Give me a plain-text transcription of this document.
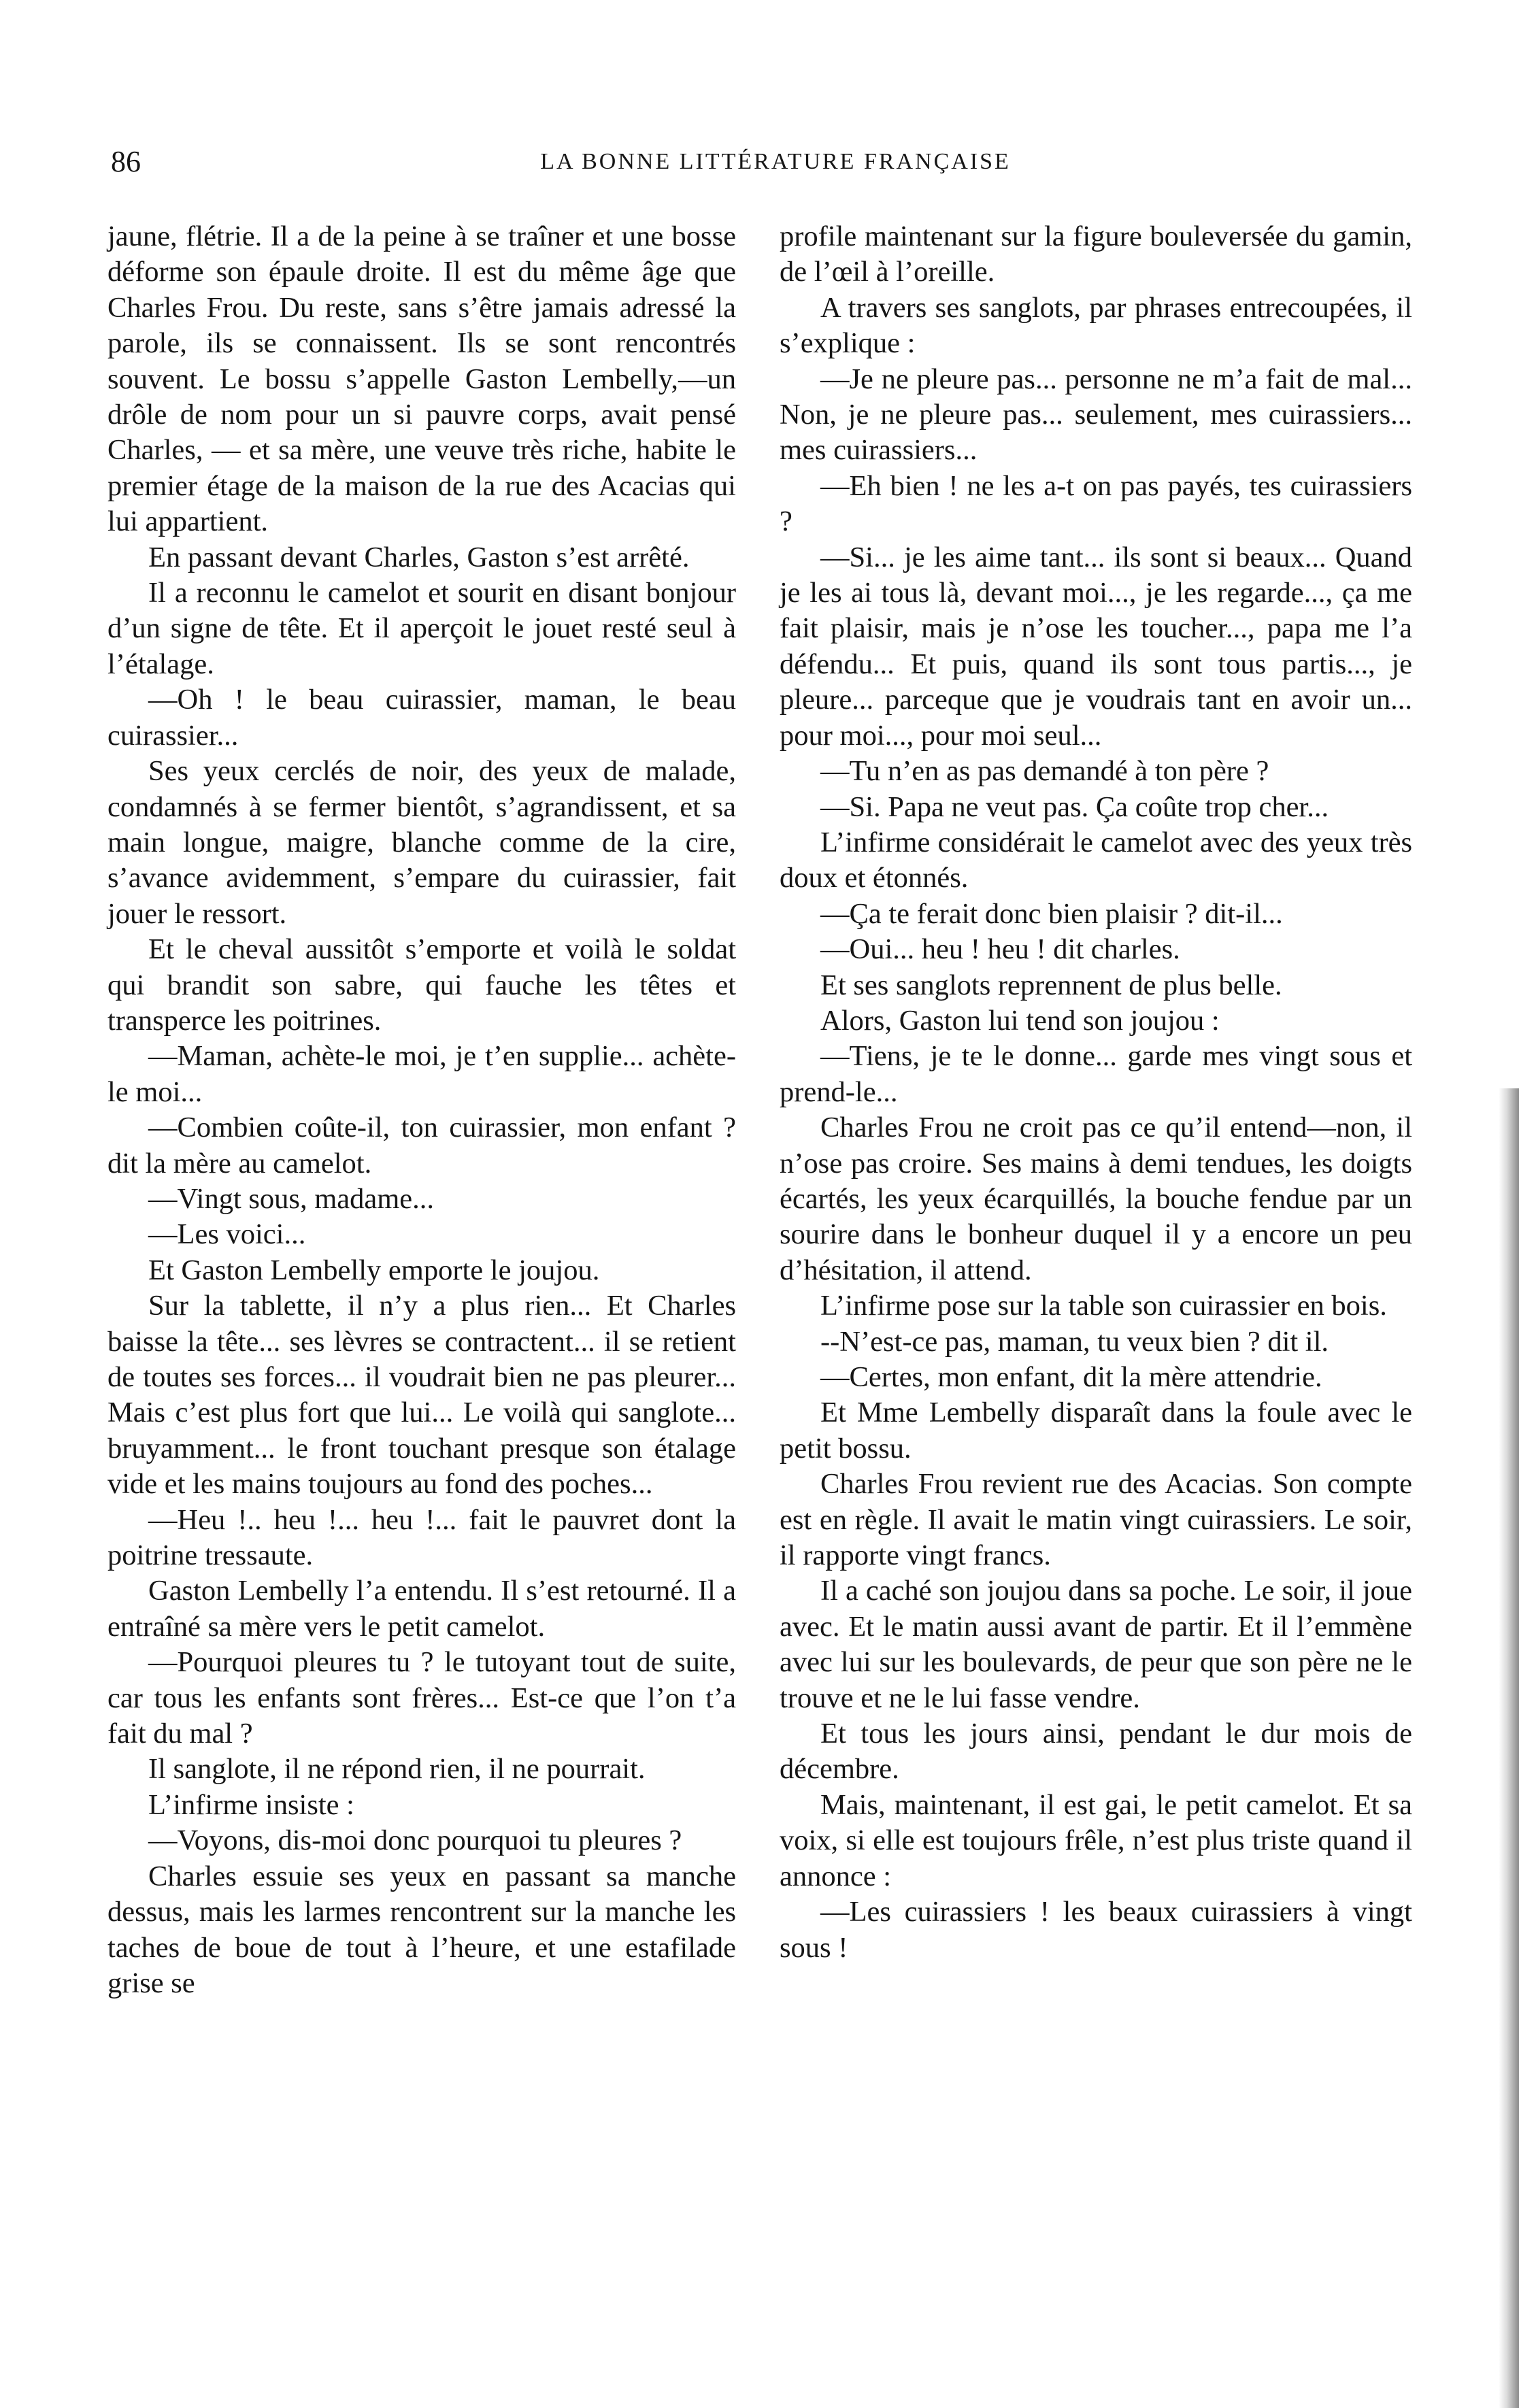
86	LA BONNE LITTÉRATURE FRANÇAISE

jaune, flétrie. Il a de la peine à se traîner et une bosse déforme son épaule droite. Il est du même âge que Charles Frou. Du reste, sans s’être jamais adressé la parole, ils se connaissent. Ils se sont rencontrés souvent. Le bossu s’appelle Gaston Lembelly,—un drôle de nom pour un si pauvre corps, avait pensé Charles, — et sa mère, une veuve très riche, habite le premier étage de la maison de la rue des Acacias qui lui appartient.

En passant devant Charles, Gaston s’est arrêté.

Il a reconnu le camelot et sourit en disant bonjour d’un signe de tête. Et il aperçoit le jouet resté seul à l’étalage.

—Oh ! le beau cuirassier, maman, le beau cuirassier...

Ses yeux cerclés de noir, des yeux de malade, condamnés à se fermer bientôt, s’agrandissent, et sa main longue, maigre, blanche comme de la cire, s’avance avidemment, s’empare du cuirassier, fait jouer le ressort.

Et le cheval aussitôt s’emporte et voilà le soldat qui brandit son sabre, qui fauche les têtes et transperce les poitrines.

—Maman, achète-le moi, je t’en supplie... achète-le moi...

—Combien coûte-il, ton cuirassier, mon enfant ? dit la mère au camelot.

—Vingt sous, madame...

—Les voici...

Et Gaston Lembelly emporte le joujou.

Sur la tablette, il n’y a plus rien... Et Charles baisse la tête... ses lèvres se contractent... il se retient de toutes ses forces... il voudrait bien ne pas pleurer... Mais c’est plus fort que lui... Le voilà qui sanglote... bruyamment... le front touchant presque son étalage vide et les mains toujours au fond des poches...

—Heu !.. heu !... heu !... fait le pauvret dont la poitrine tressaute.

Gaston Lembelly l’a entendu. Il s’est retourné. Il a entraîné sa mère vers le petit camelot.

—Pourquoi pleures tu ? le tutoyant tout de suite, car tous les enfants sont frères... Est-ce que l’on t’a fait du mal ?

Il sanglote, il ne répond rien, il ne pourrait.

L’infirme insiste :

—Voyons, dis-moi donc pourquoi tu pleures ?

Charles essuie ses yeux en passant sa manche dessus, mais les larmes rencontrent sur la manche les taches de boue de tout à l’heure, et une estafilade grise se

profile maintenant sur la figure bouleversée du gamin, de l’œil à l’oreille.

A travers ses sanglots, par phrases entrecoupées, il s’explique :

—Je ne pleure pas... personne ne m’a fait de mal... Non, je ne pleure pas... seulement, mes cuirassiers... mes cuirassiers...

—Eh bien ! ne les a-t on pas payés, tes cuirassiers ?

—Si... je les aime tant... ils sont si beaux... Quand je les ai tous là, devant moi..., je les regarde..., ça me fait plaisir, mais je n’ose les toucher..., papa me l’a défendu... Et puis, quand ils sont tous partis..., je pleure... parceque que je voudrais tant en avoir un... pour moi..., pour moi seul...

—Tu n’en as pas demandé à ton père ?

—Si. Papa ne veut pas. Ça coûte trop cher...

L’infirme considérait le camelot avec des yeux très doux et étonnés.

—Ça te ferait donc bien plaisir ? dit-il...

—Oui... heu ! heu ! dit charles.

Et ses sanglots reprennent de plus belle.

Alors, Gaston lui tend son joujou :

—Tiens, je te le donne... garde mes vingt sous et prend-le...

Charles Frou ne croit pas ce qu’il entend—non, il n’ose pas croire. Ses mains à demi tendues, les doigts écartés, les yeux écarquillés, la bouche fendue par un sourire dans le bonheur duquel il y a encore un peu d’hésitation, il attend.

L’infirme pose sur la table son cuirassier en bois.

--N’est-ce pas, maman, tu veux bien ? dit il.

—Certes, mon enfant, dit la mère attendrie.

Et Mme Lembelly disparaît dans la foule avec le petit bossu.

Charles Frou revient rue des Acacias. Son compte est en règle. Il avait le matin vingt cuirassiers. Le soir, il rapporte vingt francs.

Il a caché son joujou dans sa poche. Le soir, il joue avec. Et le matin aussi avant de partir. Et il l’emmène avec lui sur les boulevards, de peur que son père ne le trouve et ne le lui fasse vendre.

Et tous les jours ainsi, pendant le dur mois de décembre.

Mais, maintenant, il est gai, le petit camelot. Et sa voix, si elle est toujours frêle, n’est plus triste quand il annonce :

—Les cuirassiers ! les beaux cuirassiers à vingt sous !
